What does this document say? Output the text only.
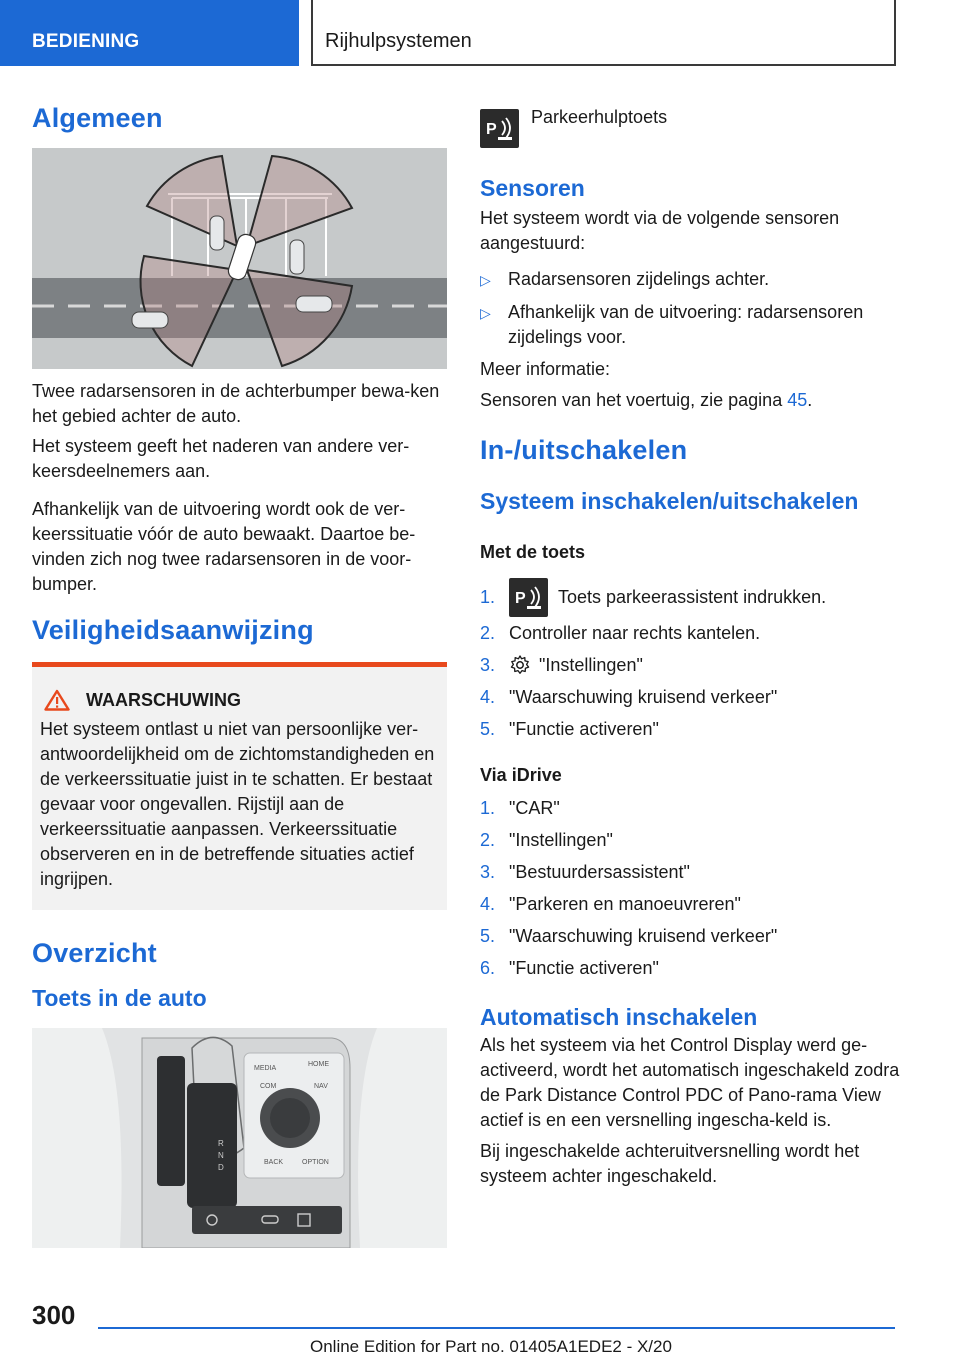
BEDIENING	Rijhulpsystemen
Algemeen

Twee radarsensoren in de achterbumper bewa-ken het gebied achter de auto.

Het systeem geeft het naderen van andere ver-keersdeelnemers aan.

Afhankelijk van de uitvoering wordt ook de ver-keerssituatie vóór de auto bewaakt. Daartoe be-vinden zich nog twee radarsensoren in de voor-bumper.

Veiligheidsaanwijzing
WAARSCHUWING

Het systeem ontlast u niet van persoonlijke ver-antwoordelijkheid om de zichtomstandigheden en de verkeerssituatie juist in te schatten. Er bestaat gevaar voor ongevallen. Rijstijl aan de verkeerssituatie aanpassen. Verkeerssituatie observeren en in de betreffende situaties actief ingrijpen.

Overzicht
Toets in de auto
R
N
D
MEDIA
HOME
COM	NAV
BACK	OPTION
P
Parkeerhulptoets
Sensoren

Het systeem wordt via de volgende sensoren aangestuurd:

▷ Radarsensoren zijdelings achter.
▷ Afhankelijk van de uitvoering: radarsensoren zijdelings voor.

Meer informatie:

Sensoren van het voertuig, zie pagina 45.

In-/uitschakelen
Systeem inschakelen/uitschakelen
Met de toets
1.	P Toets parkeerassistent indrukken.
2. Controller naar rechts kantelen.
3.	"Instellingen"
4. "Waarschuwing kruisend verkeer"
5. "Functie activeren"
Via iDrive
1. "CAR"
2. "Instellingen"
3. "Bestuurdersassistent"
4. "Parkeren en manoeuvreren"
5. "Waarschuwing kruisend verkeer"
6. "Functie activeren"
Automatisch inschakelen

Als het systeem via het Control Display werd ge-activeerd, wordt het automatisch ingeschakeld zodra de Park Distance Control PDC of Pano-rama View actief is en een versnelling ingescha-keld is.

Bij ingeschakelde achteruitversnelling wordt het systeem achter ingeschakeld.

300
Online Edition for Part no. 01405A1EDE2 - X/20
